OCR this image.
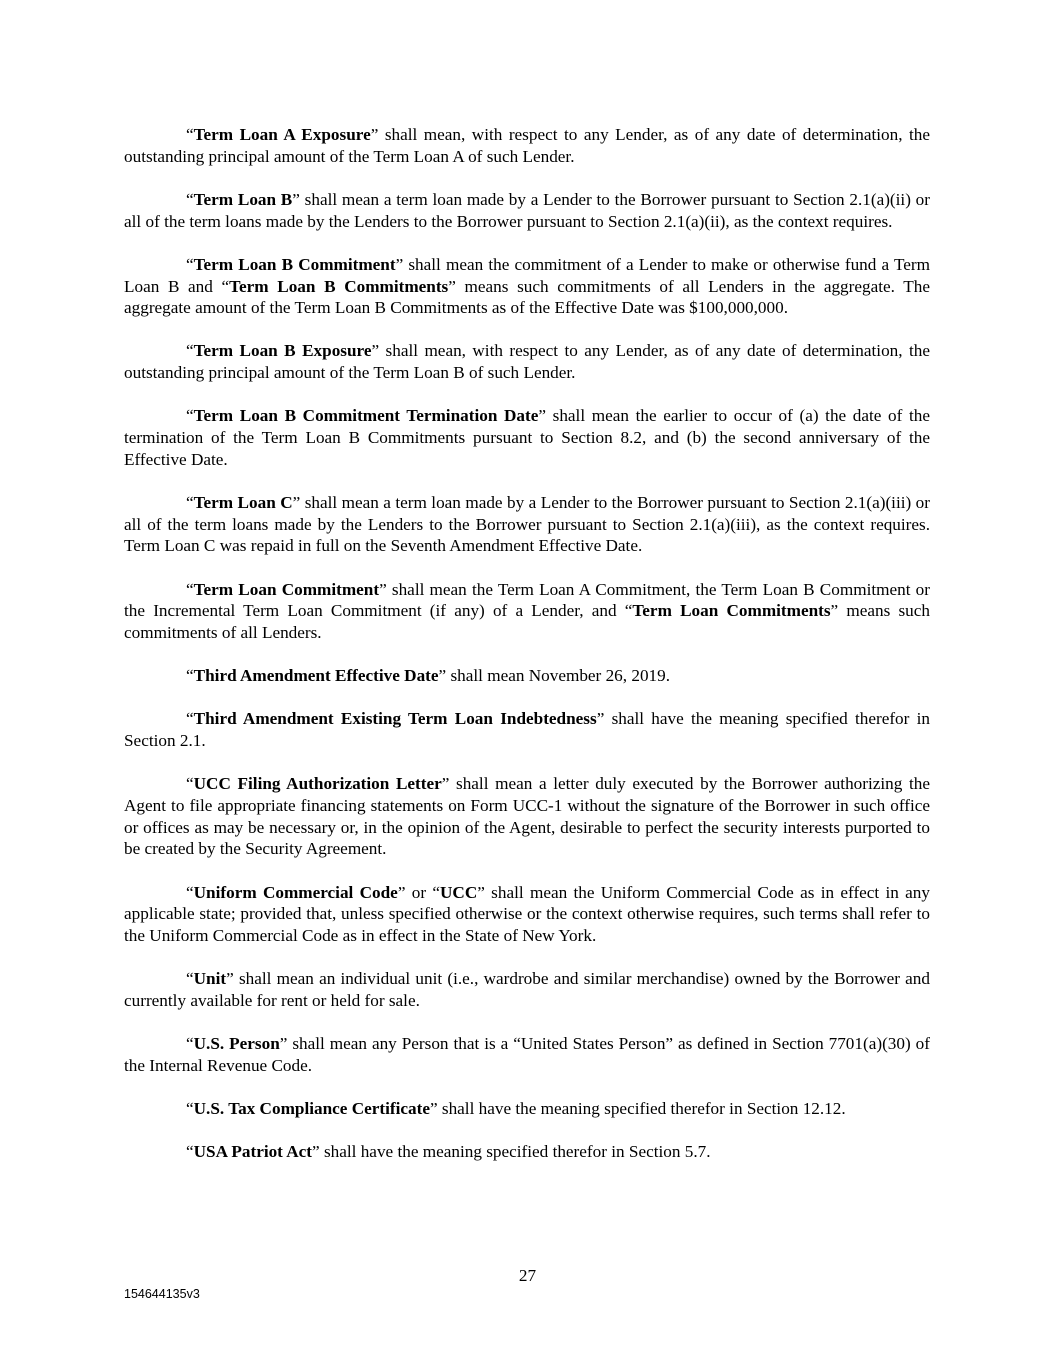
“Term Loan A Exposure” shall mean, with respect to any Lender, as of any date of determination, the outstanding principal amount of the Term Loan A of such Lender.

“Term Loan B” shall mean a term loan made by a Lender to the Borrower pursuant to Section 2.1(a)(ii) or all of the term loans made by the Lenders to the Borrower pursuant to Section 2.1(a)(ii), as the context requires.

“Term Loan B Commitment” shall mean the commitment of a Lender to make or otherwise fund a Term Loan B and “Term Loan B Commitments” means such commitments of all Lenders in the aggregate. The aggregate amount of the Term Loan B Commitments as of the Effective Date was $100,000,000.

“Term Loan B Exposure” shall mean, with respect to any Lender, as of any date of determination, the outstanding principal amount of the Term Loan B of such Lender.

“Term Loan B Commitment Termination Date” shall mean the earlier to occur of (a) the date of the termination of the Term Loan B Commitments pursuant to Section 8.2, and (b) the second anniversary of the Effective Date.

“Term Loan C” shall mean a term loan made by a Lender to the Borrower pursuant to Section 2.1(a)(iii) or all of the term loans made by the Lenders to the Borrower pursuant to Section 2.1(a)(iii), as the context requires. Term Loan C was repaid in full on the Seventh Amendment Effective Date.

“Term Loan Commitment” shall mean the Term Loan A Commitment, the Term Loan B Commitment or the Incremental Term Loan Commitment (if any) of a Lender, and “Term Loan Commitments” means such commitments of all Lenders.

“Third Amendment Effective Date” shall mean November 26, 2019.

“Third Amendment Existing Term Loan Indebtedness” shall have the meaning specified therefor in Section 2.1.

“UCC Filing Authorization Letter” shall mean a letter duly executed by the Borrower authorizing the Agent to file appropriate financing statements on Form UCC-1 without the signature of the Borrower in such office or offices as may be necessary or, in the opinion of the Agent, desirable to perfect the security interests purported to be created by the Security Agreement.

“Uniform Commercial Code” or “UCC” shall mean the Uniform Commercial Code as in effect in any applicable state; provided that, unless specified otherwise or the context otherwise requires, such terms shall refer to the Uniform Commercial Code as in effect in the State of New York.

“Unit” shall mean an individual unit (i.e., wardrobe and similar merchandise) owned by the Borrower and currently available for rent or held for sale.

“U.S. Person” shall mean any Person that is a “United States Person” as defined in Section 7701(a)(30) of the Internal Revenue Code.

“U.S. Tax Compliance Certificate” shall have the meaning specified therefor in Section 12.12.

“USA Patriot Act” shall have the meaning specified therefor in Section 5.7.

27
154644135v3
